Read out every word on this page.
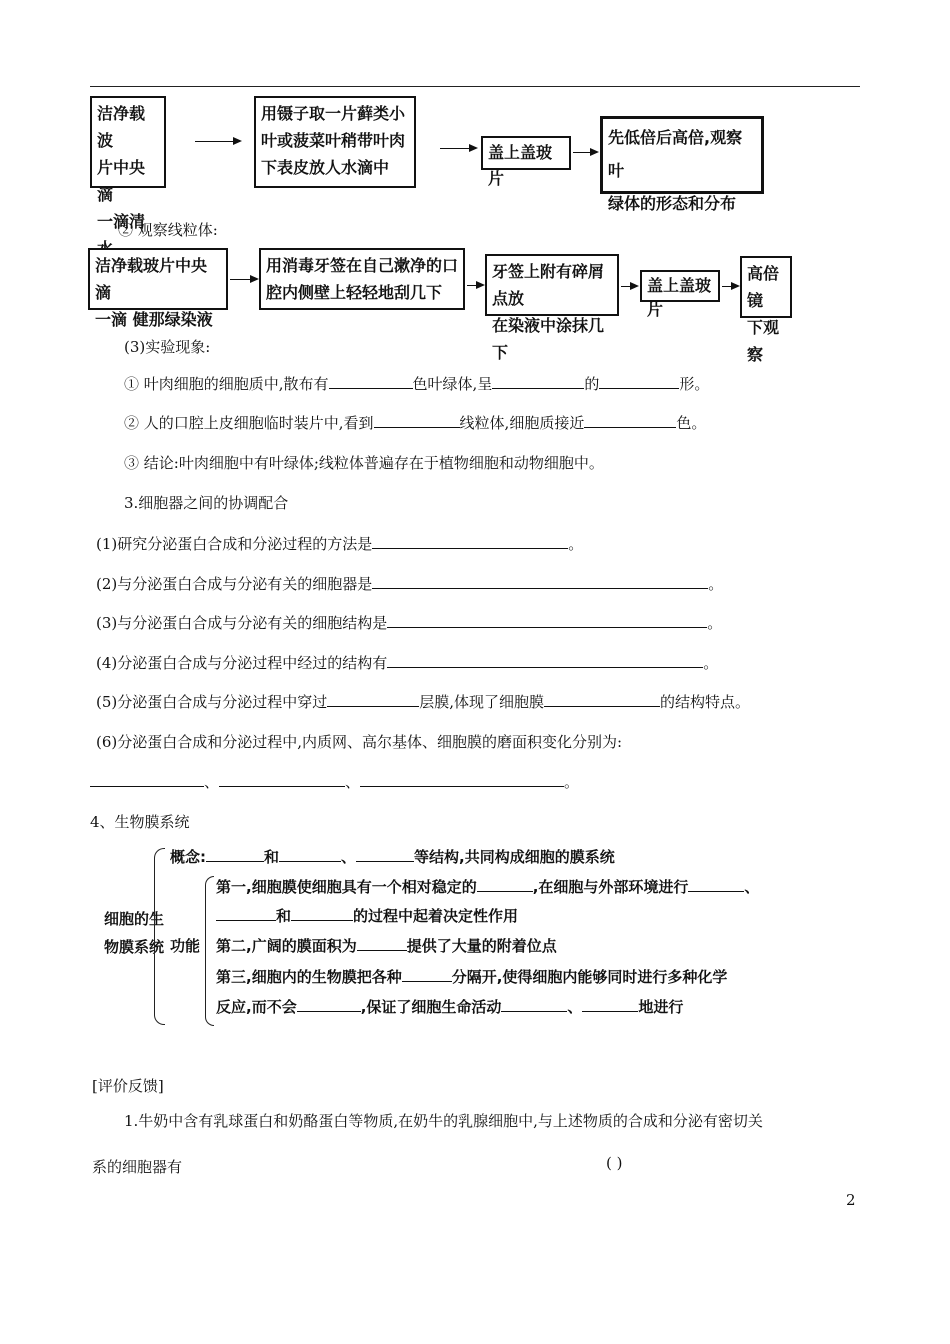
洁净载波
片中央滴
一滴清
用镊子取一片藓类小
叶或菠菜叶稍带叶肉
下表皮放人水滴中
盖上盖玻片
先低倍后高倍,观察叶
绿体的形态和分布
② 观察线粒体:
洁净载玻片中央滴
一滴 健那绿染液
用消毒牙签在自己漱净的口
腔内侧壁上轻轻地刮几下
牙签上附有碎屑点放
在染液中涂抹几下
盖上盖玻片
高倍镜
下观察
(3)实验现象:
① 叶肉细胞的细胞质中,散布有	色叶绿体,呈	的	形。
② 人的口腔上皮细胞临时装片中,看到	线粒体,细胞质接近	色。
③ 结论:叶肉细胞中有叶绿体;线粒体普遍存在于植物细胞和动物细胞中。
3.细胞器之间的协调配合
(1)研究分泌蛋白合成和分泌过程的方法是	。
(2)与分泌蛋白合成与分泌有关的细胞器是	。
(3)与分泌蛋白合成与分泌有关的细胞结构是	。
(4)分泌蛋白合成与分泌过程中经过的结构有	。
(5)分泌蛋白合成与分泌过程中穿过	层膜,体现了细胞膜	的结构特点。
(6)分泌蛋白合成和分泌过程中,内质网、高尔基体、细胞膜的磨面积变化分别为:
、	、	。
4、生物膜系统
细胞的生
物膜系统
概念:	和	、	等结构,共同构成细胞的膜系统
功能
第一,细胞膜使细胞具有一个相对稳定的	,在细胞与外部环境进行	、
和	的过程中起着决定性作用
第二,广阔的膜面积为	提供了大量的附着位点
第三,细胞内的生物膜把各种	分隔开,使得细胞内能够同时进行多种化学
反应,而不会	,保证了细胞生命活动	、	地进行
[评价反馈]
1.牛奶中含有乳球蛋白和奶酪蛋白等物质,在奶牛的乳腺细胞中,与上述物质的合成和分泌有密切关
系的细胞器有	( )
2
